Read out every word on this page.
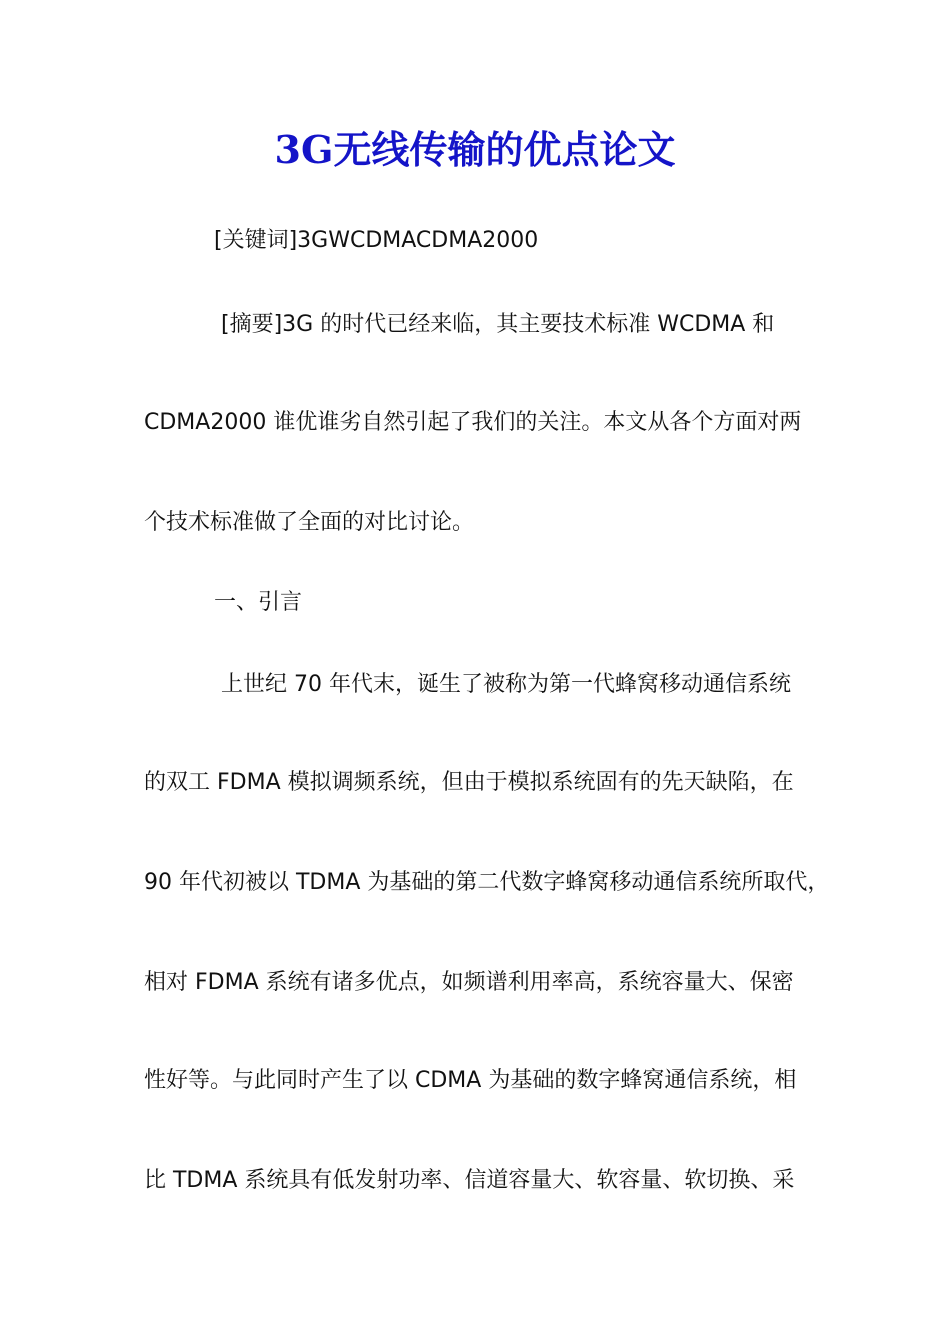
3G无线传输的优点论文
[关键词]3GWCDMACDMA2000
[摘要]3G 的时代已经来临，其主要技术标准 WCDMA 和
CDMA2000 谁优谁劣自然引起了我们的关注。本文从各个方面对两
个技术标准做了全面的对比讨论。
一、引言
上世纪 70 年代末，诞生了被称为第一代蜂窝移动通信系统
的双工 FDMA 模拟调频系统，但由于模拟系统固有的先天缺陷，在
90 年代初被以 TDMA 为基础的第二代数字蜂窝移动通信系统所取代，
相对 FDMA 系统有诸多优点，如频谱利用率高，系统容量大、保密
性好等。与此同时产生了以 CDMA 为基础的数字蜂窝通信系统，相
比 TDMA 系统具有低发射功率、信道容量大、软容量、软切换、采
